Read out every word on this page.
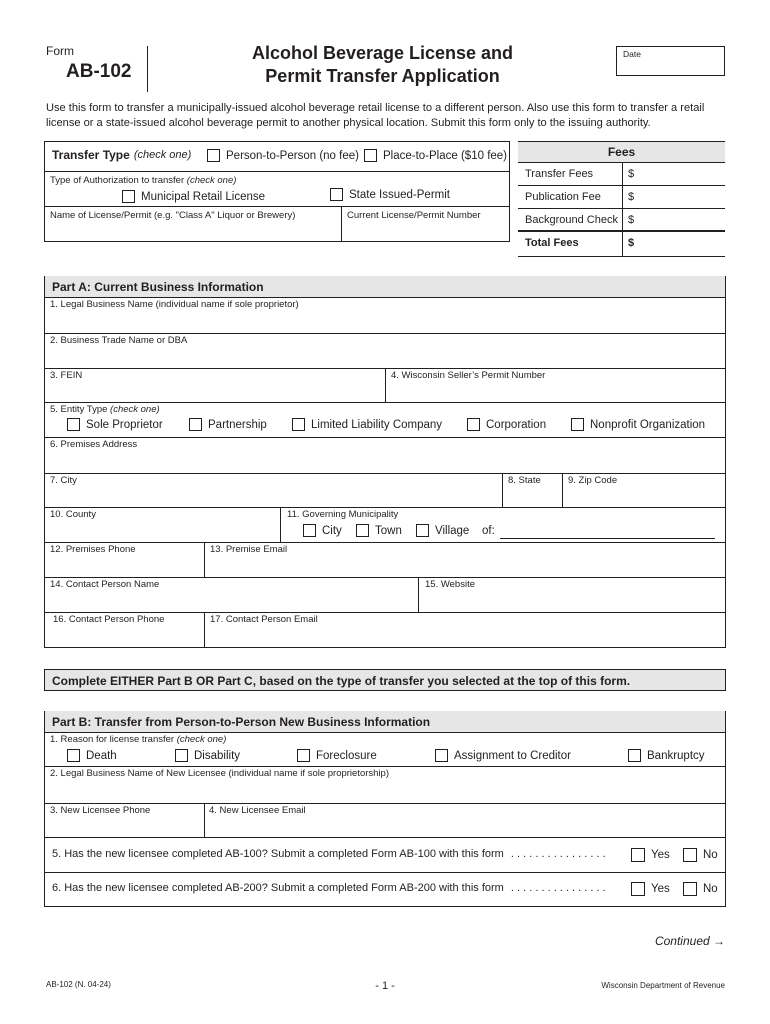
Form
AB-102
Alcohol Beverage License and
Permit Transfer Application
Date
Use this form to transfer a municipally-issued alcohol beverage retail license to a different person. Also use this form to transfer a retail license or a state-issued alcohol beverage permit to another physical location. Submit this form only to the issuing authority.
Transfer Type (check one)	Person-to-Person (no fee) Place-to-Place ($10 fee)
Type of Authorization to transfer (check one)
Municipal Retail License	State Issued-Permit
Name of License/Permit (e.g. "Class A" Liquor or Brewery)	Current License/Permit Number
Fees
Transfer Fees	$
Publication Fee $
Background Check $
Total Fees	$
Part A: Current Business Information
1. Legal Business Name (individual name if sole proprietor)
2. Business Trade Name or DBA
3. FEIN	4. Wisconsin Seller’s Permit Number
5. Entity Type (check one)
Sole Proprietor	Partnership	Limited Liability Company	Corporation	Nonprofit Organization
6. Premises Address
7. City	8. State	9. Zip Code
10. County	11. Governing Municipality
City	Town	Village of:
12. Premises Phone	13. Premise Email
14. Contact Person Name	15. Website
16. Contact Person Phone	17. Contact Person Email
Complete EITHER Part B OR Part C, based on the type of transfer you selected at the top of this form.
Part B: Transfer from Person-to-Person New Business Information
1. Reason for license transfer (check one)
Death	Disability	Foreclosure	Assignment to Creditor	Bankruptcy
2. Legal Business Name of New Licensee (individual name if sole proprietorship)
3. New Licensee Phone	4. New Licensee Email
5. Has the new licensee completed AB-100? Submit a completed Form AB-100 with this form . . . . . . . . . . . . . . . .	Yes	No
6. Has the new licensee completed AB-200? Submit a completed Form AB-200 with this form . . . . . . . . . . . . . . . .	Yes	No
Continued →
AB-102 (N. 04-24)	- 1 -	Wisconsin Department of Revenue
